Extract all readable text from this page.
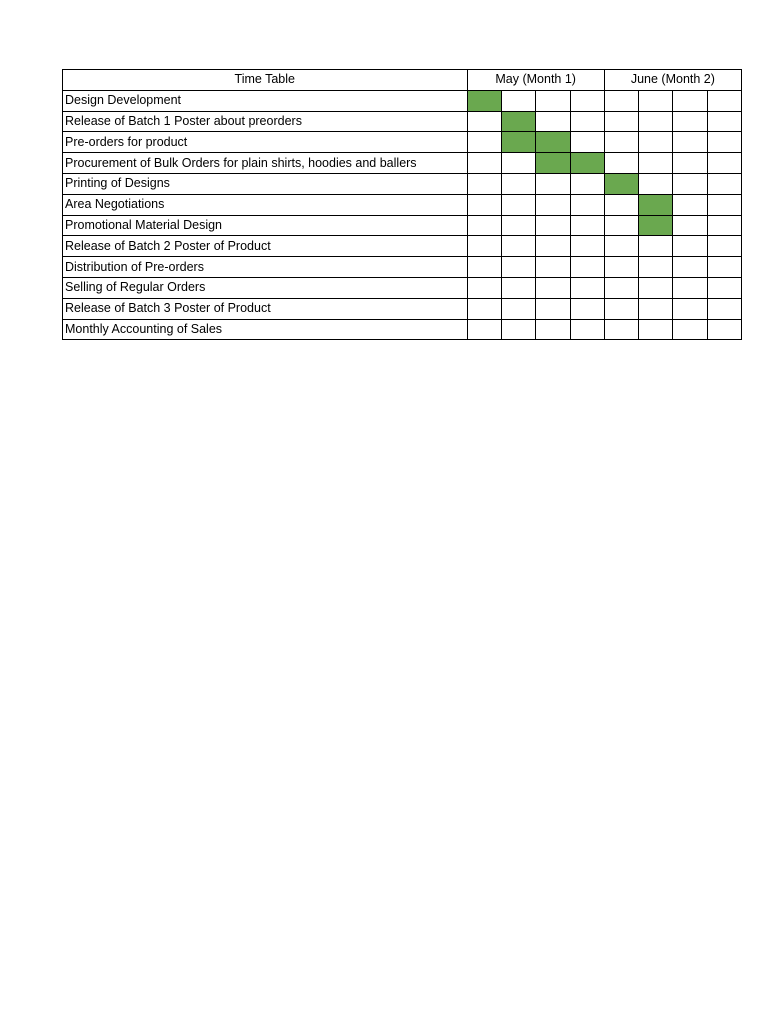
Time Table	May (Month 1)				June (Month 2)			
Design Development								
Release of Batch 1 Poster about preorders								
Pre-orders for product								
Procurement of Bulk Orders for plain shirts, hoodies and ballers								
Printing of Designs								
Area Negotiations								
Promotional Material Design								
Release of Batch 2 Poster of Product								
Distribution of Pre-orders								
Selling of Regular Orders								
Release of Batch 3 Poster of Product								
Monthly Accounting of Sales								
